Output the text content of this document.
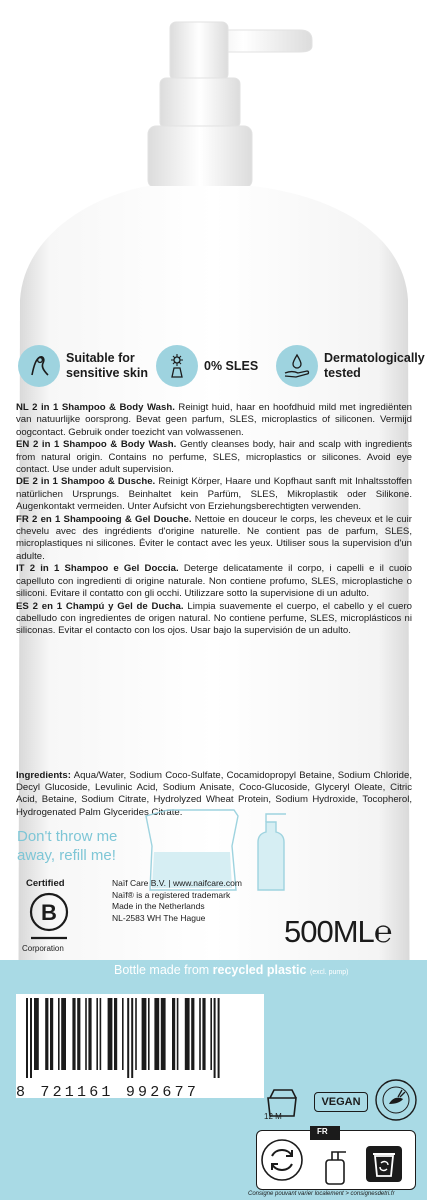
Suitable for
sensitive skin
0% SLES
Dermatologically
tested

NL 2 in 1 Shampoo & Body Wash. Reinigt huid, haar en hoofdhuid mild met ingrediënten van natuurlijke oorsprong. Bevat geen parfum, SLES, microplastics of siliconen. Vermijd oogcontact. Gebruik onder toezicht van volwassenen.

EN 2 in 1 Shampoo & Body Wash. Gently cleanses body, hair and scalp with ingredients from natural origin. Contains no perfume, SLES, microplastics or silicones. Avoid eye contact. Use under adult supervision.

DE 2 in 1 Shampoo & Dusche. Reinigt Körper, Haare und Kopfhaut sanft mit Inhaltsstoffen natürlichen Ursprungs. Beinhaltet kein Parfüm, SLES, Mikroplastik oder Silikone. Augenkontakt vermeiden. Unter Aufsicht von Erziehungsberechtigten verwenden.

FR 2 en 1 Shampooing & Gel Douche. Nettoie en douceur le corps, les cheveux et le cuir chevelu avec des ingrédients d'origine naturelle. Ne contient pas de parfum, SLES, microplastiques ni silicones. Éviter le contact avec les yeux. Utiliser sous la supervision d'un adulte.

IT 2 in 1 Shampoo e Gel Doccia. Deterge delicatamente il corpo, i capelli e il cuoio capelluto con ingredienti di origine naturale. Non contiene profumo, SLES, microplastiche o siliconi. Evitare il contatto con gli occhi. Utilizzare sotto la supervisione di un adulto.

ES 2 en 1 Champú y Gel de Ducha. Limpia suavemente el cuerpo, el cabello y el cuero cabelludo con ingredientes de origen natural. No contiene perfume, SLES, microplásticos ni siliconas. Evitar el contacto con los ojos. Usar bajo la supervisión de un adulto.

Ingredients: Aqua/Water, Sodium Coco-Sulfate, Cocamidopropyl Betaine, Sodium Chloride, Decyl Glucoside, Levulinic Acid, Sodium Anisate, Coco-Glucoside, Glyceryl Oleate, Citric Acid, Betaine, Sodium Citrate, Hydrolyzed Wheat Protein, Sodium Hydroxide, Tocopherol, Hydrogenated Palm Glycerides Citrate.

Don't throw me
away, refill me!
Certified
B
Corporation
Naïf Care B.V. | www.naifcare.com
Naïf® is a registered trademark
Made in the Netherlands
NL-2583 WH The Hague	500ML℮
Bottle made from recycled plastic (excl. pump)
8 721161 992677
12 M
VEGAN
FR
Consigne pouvant varier localement > consignesdetri.fr
